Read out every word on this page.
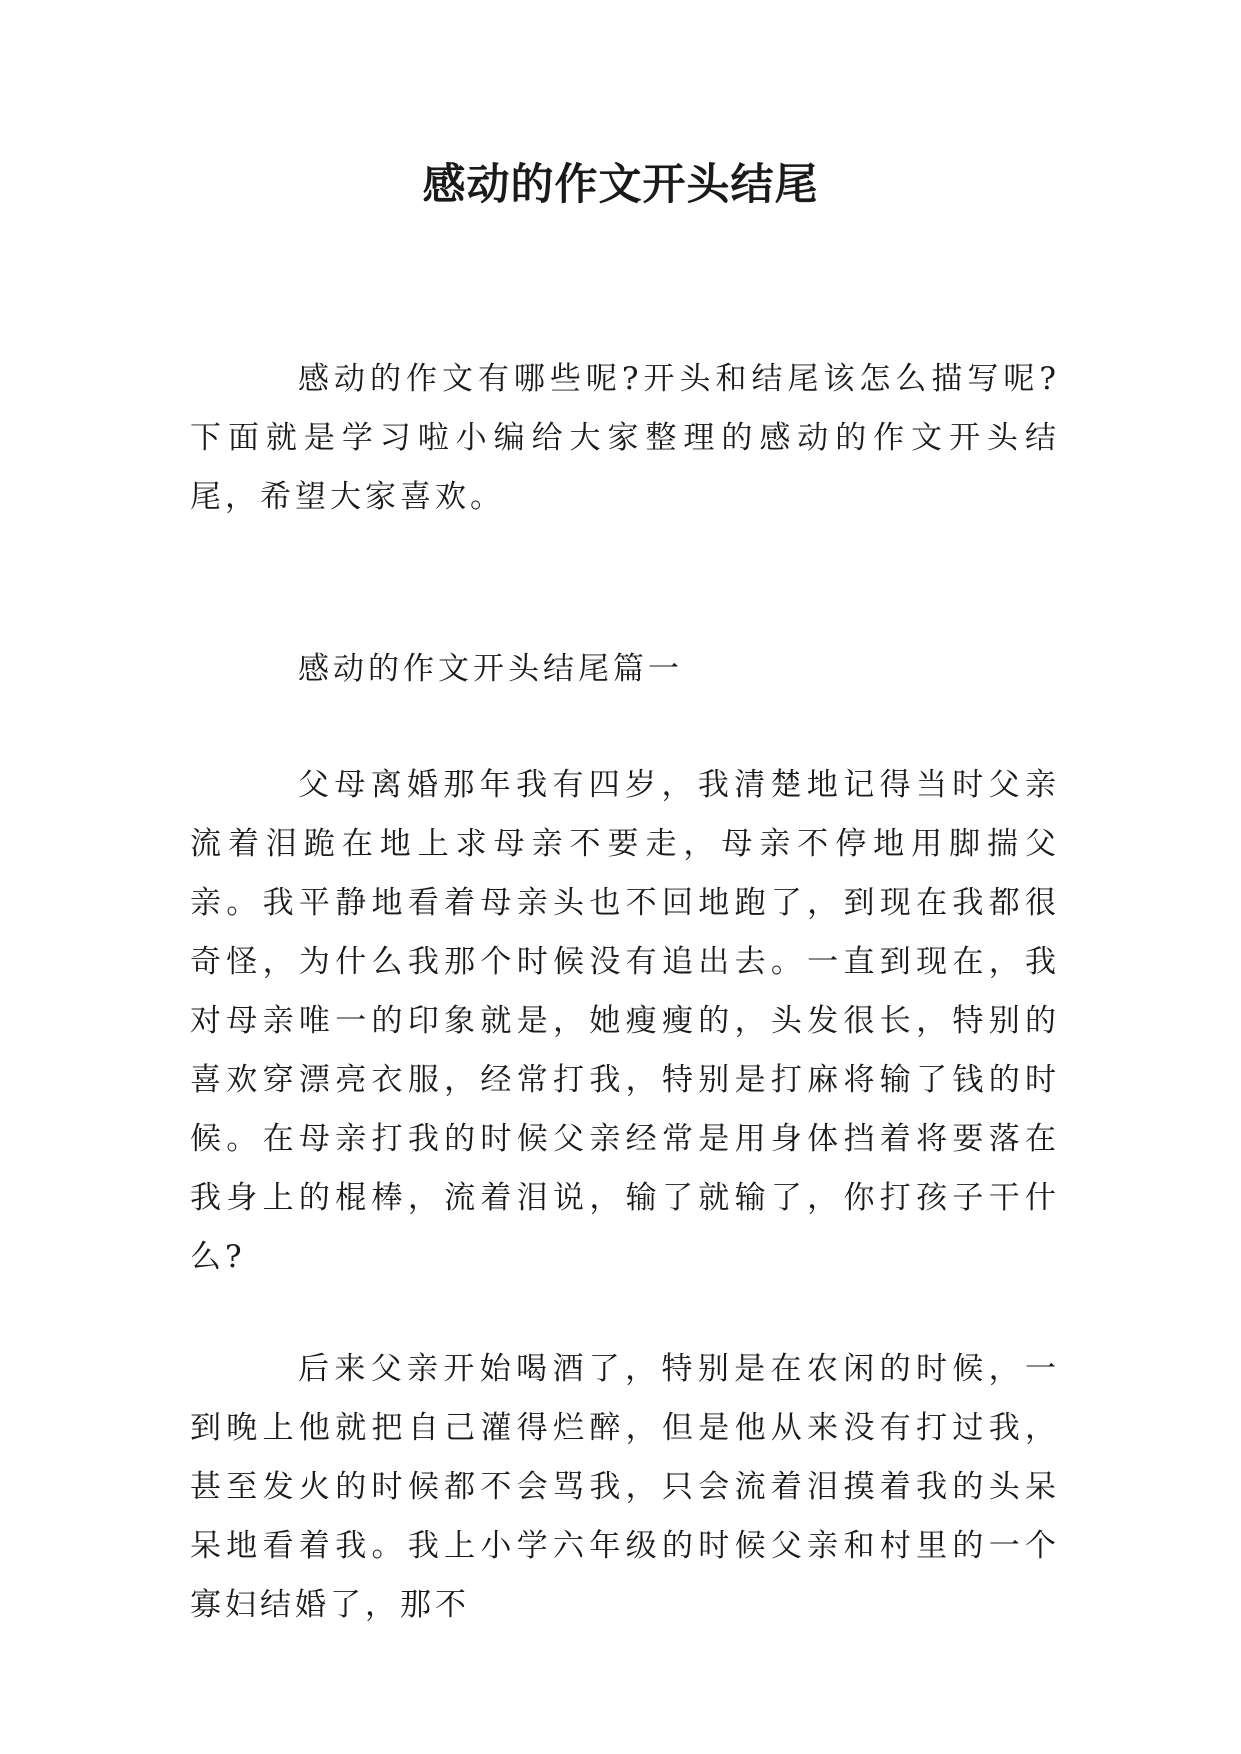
感动的作文开头结尾

感动的作文有哪些呢?开头和结尾该怎么描写呢?下面就是学习啦小编给大家整理的感动的作文开头结尾，希望大家喜欢。

感动的作文开头结尾篇一

父母离婚那年我有四岁，我清楚地记得当时父亲流着泪跪在地上求母亲不要走，母亲不停地用脚揣父亲。我平静地看着母亲头也不回地跑了，到现在我都很奇怪，为什么我那个时候没有追出去。一直到现在，我对母亲唯一的印象就是，她瘦瘦的，头发很长，特别的喜欢穿漂亮衣服，经常打我，特别是打麻将输了钱的时候。在母亲打我的时候父亲经常是用身体挡着将要落在我身上的棍棒，流着泪说，输了就输了，你打孩子干什么?

后来父亲开始喝酒了，特别是在农闲的时候，一到晚上他就把自己灌得烂醉，但是他从来没有打过我，甚至发火的时候都不会骂我，只会流着泪摸着我的头呆呆地看着我。我上小学六年级的时候父亲和村里的一个寡妇结婚了，那不
